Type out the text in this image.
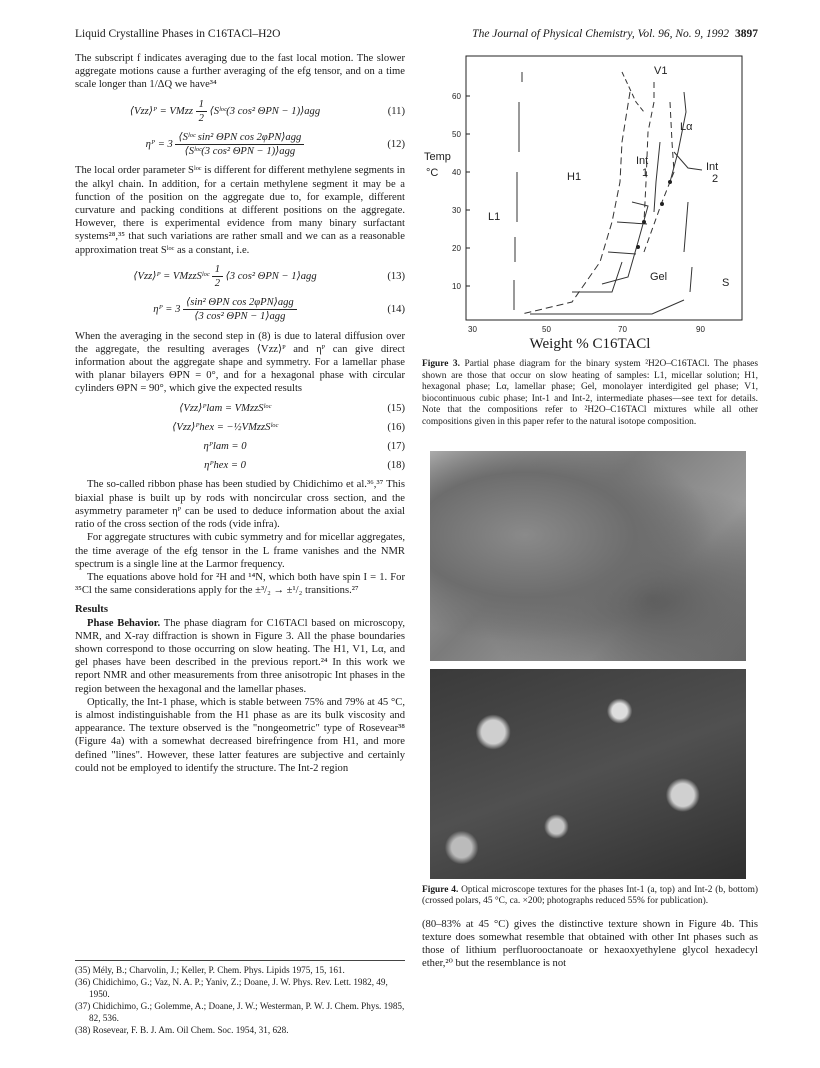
Liquid Crystalline Phases in C16TACl–H2O	The Journal of Physical Chemistry, Vol. 96, No. 9, 1992 3897

The subscript f indicates averaging due to the fast local motion. The slower aggregate motions cause a further averaging of the efg tensor, and on a time scale longer than 1/ΔQ we have³⁴

⟨Vzz⟩ᴾ = VMzz $\frac{1}{2}$ ⟨Sˡᵒᶜ(3 cos² ΘPN − 1)⟩agg	(11)
ηᴾ = $3 \frac{\text{⟨Sˡᵒᶜ sin² ΘPN cos 2φPN⟩agg}}{\text{⟨Sˡᵒᶜ(3 cos² ΘPN − 1)⟩agg}}$	(12)

The local order parameter Sˡᵒᶜ is different for different methylene segments in the alkyl chain. In addition, for a certain methylene segment it may be a function of the position on the aggregate due to, for example, different curvature and packing conditions at different positions on the aggregate. However, there is experimental evidence from many binary surfactant systems²⁸,³⁵ that such variations are rather small and we can as a reasonable approximation treat Sˡᵒᶜ as a constant, i.e.

⟨Vzz⟩ᴾ = VMzzSˡᵒᶜ $\frac{1}{2}$ ⟨3 cos² ΘPN − 1⟩agg	(13)
ηᴾ = $3 \frac{\text{⟨sin² ΘPN cos 2φPN⟩agg}}{\text{⟨3 cos² ΘPN − 1⟩agg}}$	(14)

When the averaging in the second step in (8) is due to lateral diffusion over the aggregate, the resulting averages ⟨Vzz⟩ᴾ and ηᴾ can give direct information about the aggregate shape and symmetry. For a lamellar phase with planar bilayers ΘPN = 0°, and for a hexagonal phase with circular cylinders ΘPN = 90°, which give the expected results

⟨Vzz⟩ᴾlam = VMzzSˡᵒᶜ	(15)
⟨Vzz⟩ᴾhex = −½VMzzSˡᵒᶜ	(16)
ηᴾlam = 0	(17)
ηᴾhex = 0	(18)

The so-called ribbon phase has been studied by Chidichimo et al.³⁶,³⁷ This biaxial phase is built up by rods with noncircular cross section, and the asymmetry parameter ηᴾ can be used to deduce information about the axial ratio of the cross section of the rods (vide infra).

For aggregate structures with cubic symmetry and for micellar aggregates, the time average of the efg tensor in the L frame vanishes and the NMR spectrum is a single line at the Larmor frequency.

The equations above hold for ²H and ¹⁴N, which both have spin I = 1. For ³⁵Cl the same considerations apply for the ±³/₂ → ±¹/₂ transitions.²⁷

Results

Phase Behavior. The phase diagram for C16TACl based on microscopy, NMR, and X-ray diffraction is shown in Figure 3. All the phase boundaries shown correspond to those occurring on slow heating. The H1, V1, Lα, and gel phases have been described in the previous report.²⁴ In this work we report NMR and other measurements from three anisotropic Int phases in the region between the hexagonal and the lamellar phases.

Optically, the Int-1 phase, which is stable between 75% and 79% at 45 °C, is almost indistinguishable from the H1 phase as are its bulk viscosity and appearance. The texture observed is the "nongeometric" type of Rosevear³⁸ (Figure 4a) with a somewhat decreased birefringence from H1, and more defined "lines". However, these latter features are subjective and certainly could not be employed to identify the structure. The Int-2 region

(35) Mély, B.; Charvolin, J.; Keller, P. Chem. Phys. Lipids 1975, 15, 161.

(36) Chidichimo, G.; Vaz, N. A. P.; Yaniv, Z.; Doane, J. W. Phys. Rev. Lett. 1982, 49, 1950.

(37) Chidichimo, G.; Golemme, A.; Doane, J. W.; Westerman, P. W. J. Chem. Phys. 1985, 82, 536.

(38) Rosevear, F. B. J. Am. Oil Chem. Soc. 1954, 31, 628.

10
20
30
40
50
60
30	50	70	90
Temp
°C
L1
H1
V1
Lα
Int
1	Int
2
Gel	S
Weight % C16TACl
Figure 3. Partial phase diagram for the binary system ²H2O–C16TACl. The phases shown are those that occur on slow heating of samples: L1, micellar solution; H1, hexagonal phase; Lα, lamellar phase; Gel, monolayer interdigited gel phase; V1, biocontinuous cubic phase; Int-1 and Int-2, intermediate phases—see text for details. Note that the compositions refer to ²H2O–C16TACl mixtures while all other compositions given in this paper refer to the natural isotope composition.
Figure 4. Optical microscope textures for the phases Int-1 (a, top) and Int-2 (b, bottom) (crossed polars, 45 °C, ca. ×200; photographs reduced 55% for publication).

(80–83% at 45 °C) gives the distinctive texture shown in Figure 4b. This texture does somewhat resemble that obtained with other Int phases such as those of lithium perfluorooctanoate or hexaoxyethylene glycol hexadecyl ether,²⁰ but the resemblance is not
